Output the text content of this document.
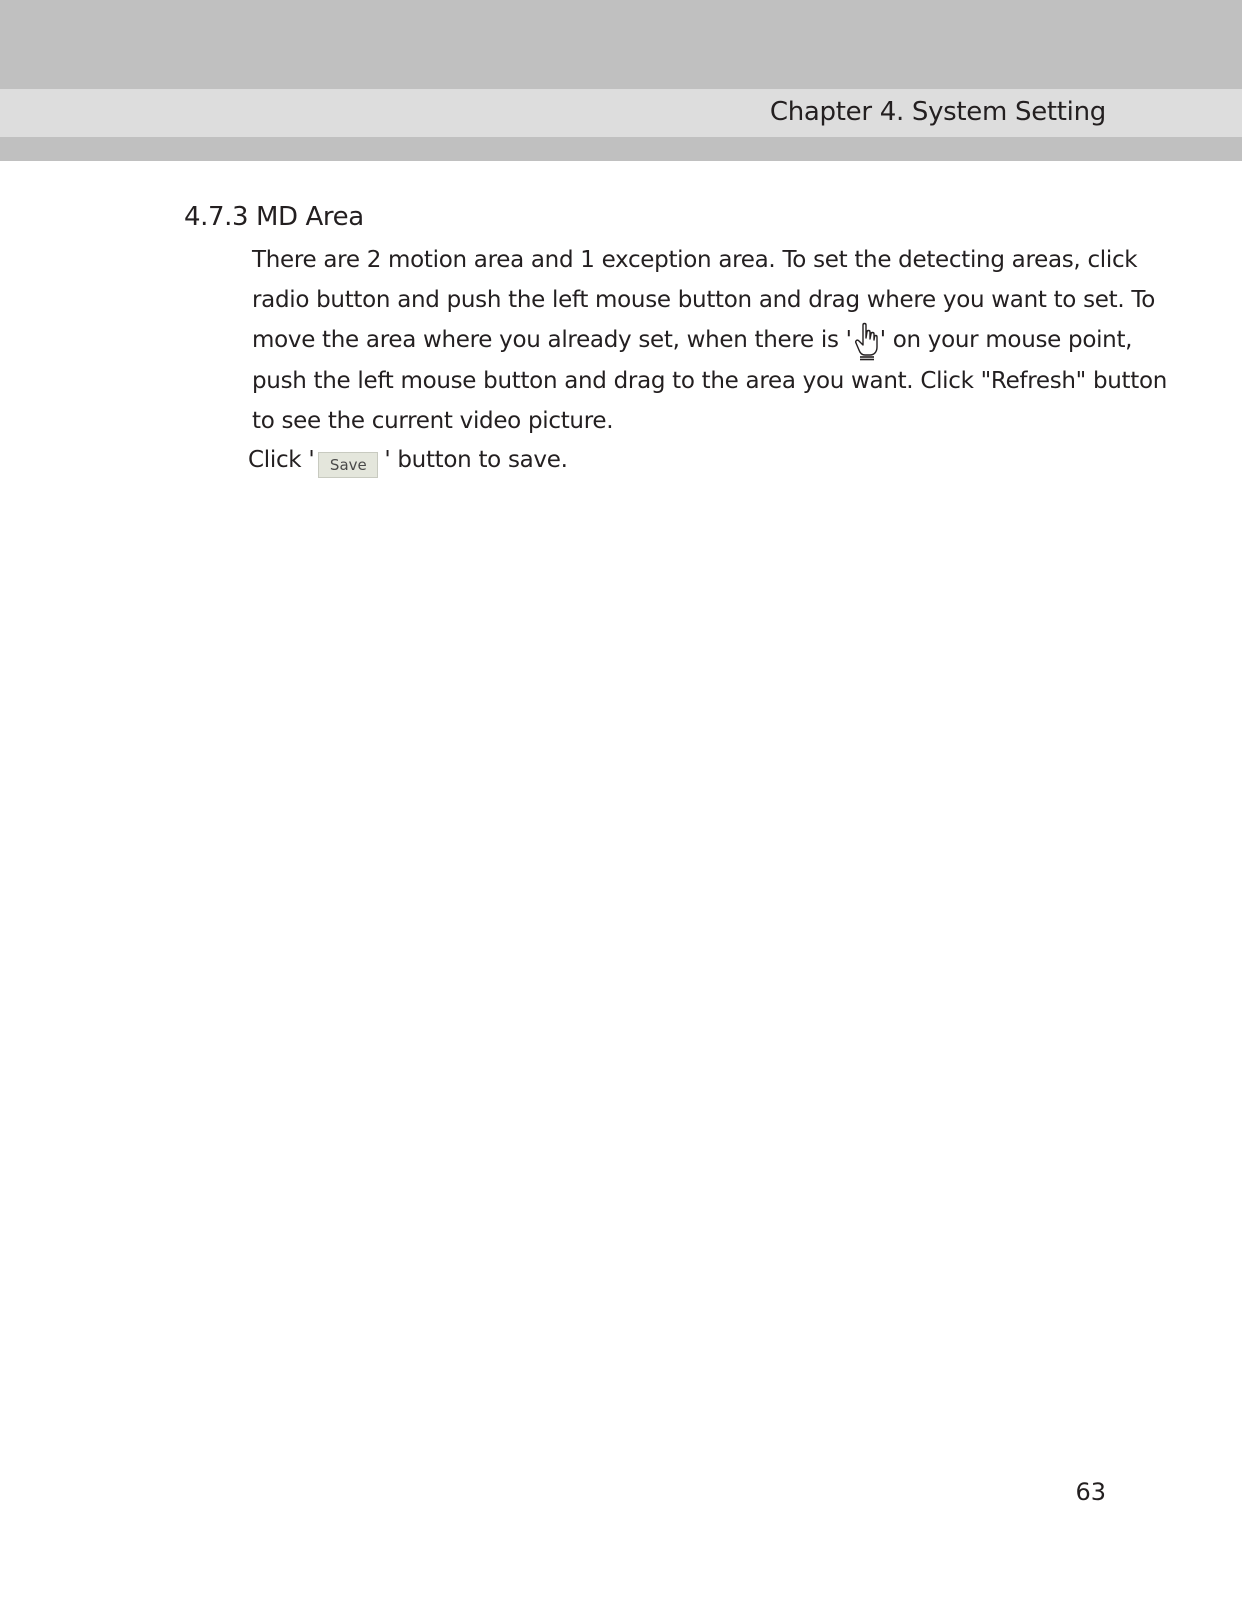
Chapter 4. System Setting
4.7.3 MD Area
There are 2 motion area and 1 exception area. To set the detecting areas, click
radio button and push the left mouse button and drag where you want to set. To
move the area where you already set, when there is ' ' on your mouse point,
push the left mouse button and drag to the area you want. Click "Refresh" button
to see the current video picture.
Click ' Save ' button to save.
63
